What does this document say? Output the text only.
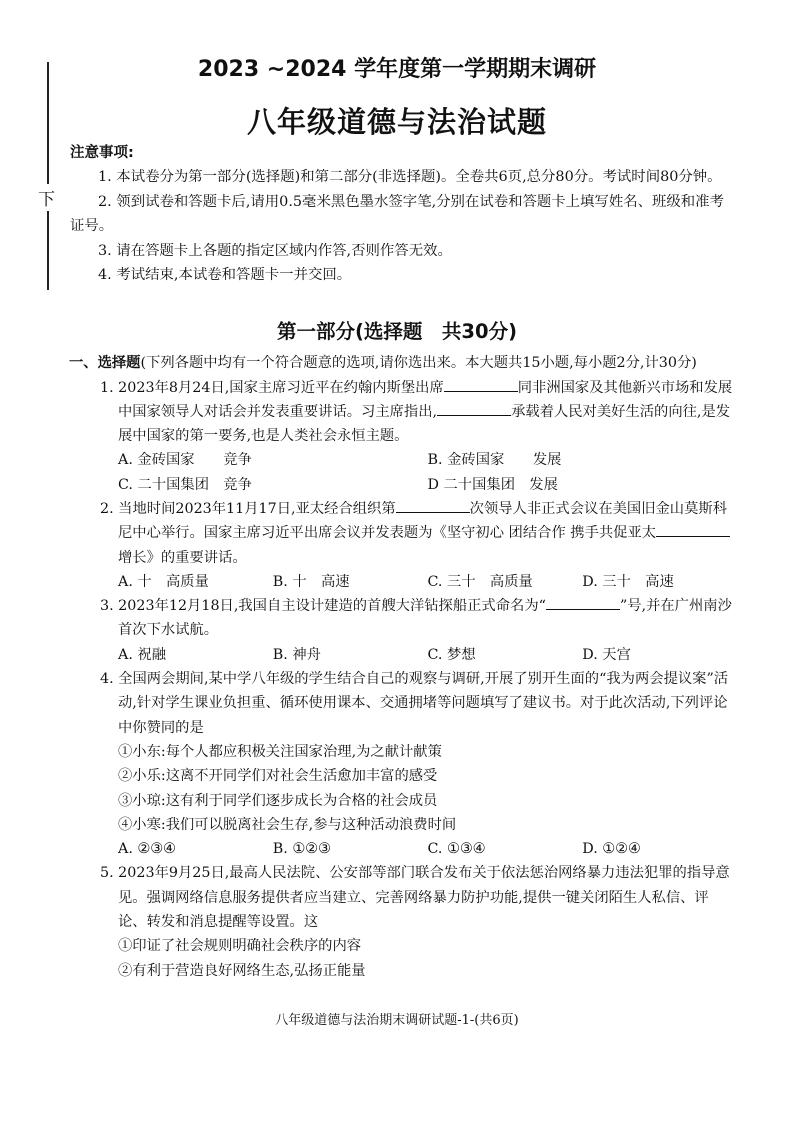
下
2023 ~2024 学年度第一学期期末调研
八年级道德与法治试题
注意事项:
1. 本试卷分为第一部分(选择题)和第二部分(非选择题)。全卷共6页,总分80分。考试时间80分钟。
2. 领到试卷和答题卡后,请用0.5毫米黑色墨水签字笔,分别在试卷和答题卡上填写姓名、班级和准考证号。
3. 请在答题卡上各题的指定区域内作答,否则作答无效。
4. 考试结束,本试卷和答题卡一并交回。
第一部分(选择题　共30分)
一、选择题(下列各题中均有一个符合题意的选项,请你选出来。本大题共15小题,每小题2分,计30分)
1. 2023年8月24日,国家主席习近平在约翰内斯堡出席	同非洲国家及其他新兴市场和发展中国家领导人对话会并发表重要讲话。习主席指出,	承载着人民对美好生活的向往,是发展中国家的第一要务,也是人类社会永恒主题。
A. 金砖国家　　竞争	B. 金砖国家　　发展
C. 二十国集团　竞争	D 二十国集团　发展
2. 当地时间2023年11月17日,亚太经合组织第	次领导人非正式会议在美国旧金山莫斯科尼中心举行。国家主席习近平出席会议并发表题为《坚守初心 团结合作 携手共促亚太增长》的重要讲话。
A. 十　高质量	B. 十　高速	C. 三十　高质量	D. 三十　高速
3. 2023年12月18日,我国自主设计建造的首艘大洋钻探船正式命名为“	”号,并在广州南沙首次下水试航。
A. 祝融	B. 神舟	C. 梦想	D. 天宫
4. 全国两会期间,某中学八年级的学生结合自己的观察与调研,开展了别开生面的“我为两会提议案”活动,针对学生课业负担重、循环使用课本、交通拥堵等问题填写了建议书。对于此次活动,下列评论中你赞同的是
①小东:每个人都应积极关注国家治理,为之献计献策
②小乐:这离不开同学们对社会生活愈加丰富的感受
③小琼:这有利于同学们逐步成长为合格的社会成员
④小寒:我们可以脱离社会生存,参与这种活动浪费时间
A. ②③④	B. ①②③	C. ①③④	D. ①②④
5. 2023年9月25日,最高人民法院、公安部等部门联合发布关于依法惩治网络暴力违法犯罪的指导意见。强调网络信息服务提供者应当建立、完善网络暴力防护功能,提供一键关闭陌生人私信、评论、转发和消息提醒等设置。这
①印证了社会规则明确社会秩序的内容
②有利于营造良好网络生态,弘扬正能量
八年级道德与法治期末调研试题-1-(共6页)
